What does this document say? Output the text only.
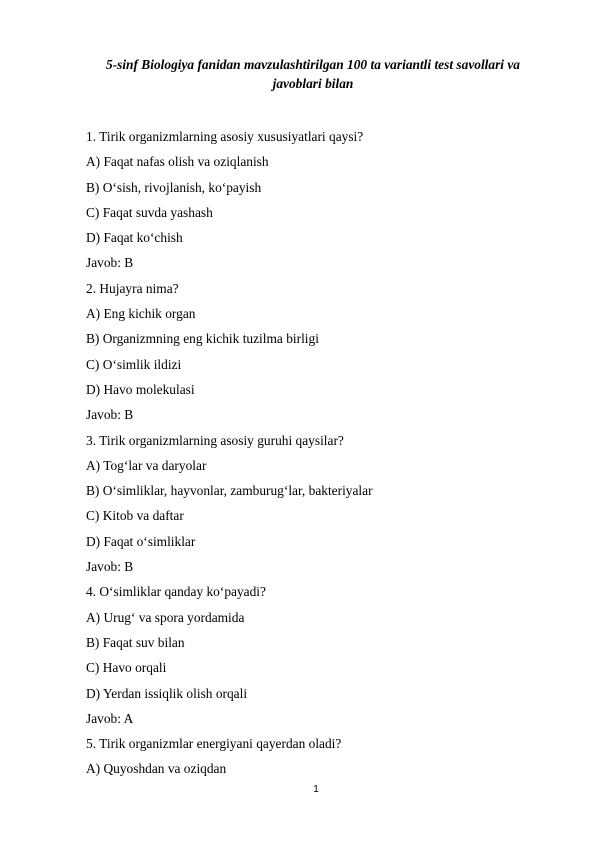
5-sinf Biologiya fanidan mavzulashtirilgan 100 ta variantli test savollari va
javoblari bilan
1. Tirik organizmlarning asosiy xususiyatlari qaysi?
A) Faqat nafas olish va oziqlanish
B) O‘sish, rivojlanish, ko‘payish
C) Faqat suvda yashash
D) Faqat ko‘chish
Javob: B
2. Hujayra nima?
A) Eng kichik organ
B) Organizmning eng kichik tuzilma birligi
C) O‘simlik ildizi
D) Havo molekulasi
Javob: B
3. Tirik organizmlarning asosiy guruhi qaysilar?
A) Tog‘lar va daryolar
B) O‘simliklar, hayvonlar, zamburug‘lar, bakteriyalar
C) Kitob va daftar
D) Faqat o‘simliklar
Javob: B
4. O‘simliklar qanday ko‘payadi?
A) Urug‘ va spora yordamida
B) Faqat suv bilan
C) Havo orqali
D) Yerdan issiqlik olish orqali
Javob: A
5. Tirik organizmlar energiyani qayerdan oladi?
A) Quyoshdan va oziqdan
1
